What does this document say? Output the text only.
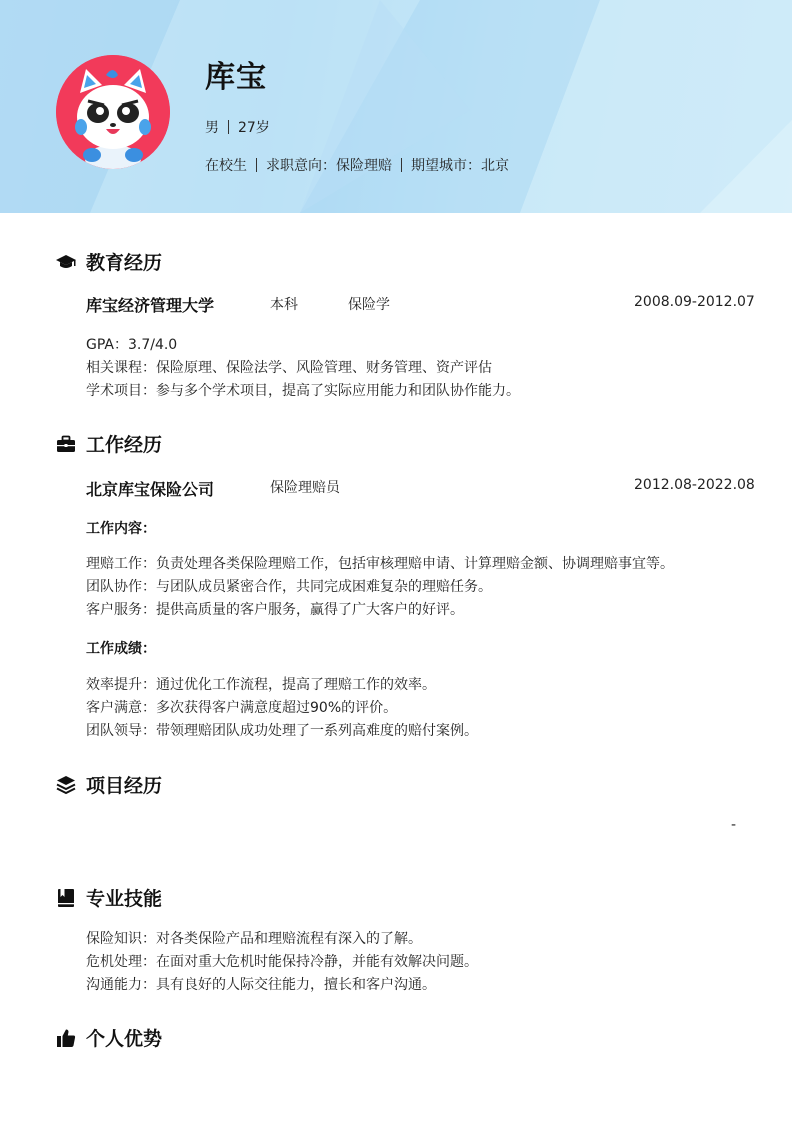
库宝
男 27岁
在校生 求职意向：保险理赔 期望城市：北京
教育经历
库宝经济管理大学	本科	保险学	2008.09-2012.07
GPA：3.7/4.0
相关课程：保险原理、保险法学、风险管理、财务管理、资产评估
学术项目：参与多个学术项目，提高了实际应用能力和团队协作能力。
工作经历
北京库宝保险公司	保险理赔员	2012.08-2022.08
工作内容：
理赔工作：负责处理各类保险理赔工作，包括审核理赔申请、计算理赔金额、协调理赔事宜等。
团队协作：与团队成员紧密合作，共同完成困难复杂的理赔任务。
客户服务：提供高质量的客户服务，赢得了广大客户的好评。
工作成绩：
效率提升：通过优化工作流程，提高了理赔工作的效率。
客户满意：多次获得客户满意度超过90%的评价。
团队领导：带领理赔团队成功处理了一系列高难度的赔付案例。
项目经历
-
专业技能
保险知识：对各类保险产品和理赔流程有深入的了解。
危机处理：在面对重大危机时能保持冷静，并能有效解决问题。
沟通能力：具有良好的人际交往能力，擅长和客户沟通。
个人优势
